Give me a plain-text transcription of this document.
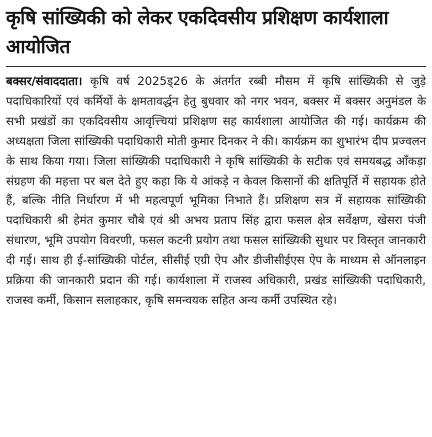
कृषि सांख्यिकी को लेकर एकदिवसीय प्रशिक्षण कार्यशाला आयोजित

बक्सर/संवाददाता। कृषि वर्ष 2025ड्26 के अंतर्गत रब्बी मौसम में कृषि सांख्यिकी से जुड़े पदाधिकारियों एवं कर्मियों के क्षमतावर्द्धन हेतु बुधवार को नगर भवन, बक्सर में बक्सर अनुमंडल के सभी प्रखंडों का एकदिवसीय आवृत्त्चियां प्रशिक्षण सह कार्यशाला आयोजित की गई। कार्यक्रम की अध्यक्षता जिला सांख्यिकी पदाधिकारी मोती कुमार दिनकर ने की। कार्यक्रम का शुभारंभ दीप प्रज्वलन के साथ किया गया। जिला सांख्यिकी पदाधिकारी ने कृषि सांख्यिकी के सटीक एवं समयबद्ध आँकड़ा संग्रहण की महत्ता पर बल देते हुए कहा कि ये आंकड़े न केवल किसानों की क्षतिपूर्ति में सहायक होते हैं, बल्कि नीति निर्धारण में भी महत्वपूर्ण भूमिका निभाते हैं। प्रशिक्षण सत्र में सहायक सांख्यिकी पदाधिकारी श्री हेमंत कुमार चौबे एवं श्री अभय प्रताप सिंह द्वारा फसल क्षेत्र सर्वेक्षण, खेसरा पंजी संधारण, भूमि उपयोग विवरणी, फसल कटनी प्रयोग तथा फसल सांख्यिकी सुधार पर विस्तृत जानकारी दी गई। साथ ही ई-सांख्यिकी पोर्टल, सीसीई एग्री ऐप और डीजीसीईएस ऐप के माध्यम से ऑनलाइन प्रक्रिया की जानकारी प्रदान की गई। कार्यशाला में राजस्व अधिकारी, प्रखंड सांख्यिकी पदाधिकारी, राजस्व कर्मी, किसान सलाहकार, कृषि समन्वयक सहित अन्य कर्मी उपस्थित रहे।
